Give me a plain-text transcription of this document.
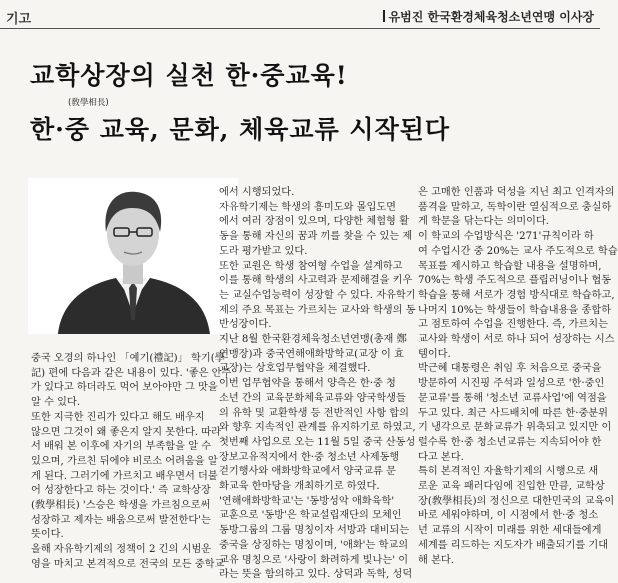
기고	유범진 한국환경체육청소년연맹 이사장
교학상장의 실천 한·중교육!
(敎學相長)
한·중 교육, 문화, 체육교류 시작된다

중국 오경의 하나인 「예기(禮記)」 학기(學

記) 편에 다음과 같은 내용이 있다. '좋은 안주

가 있다고 하더라도 먹어 보아야만 그 맛을

알 수 있다.

또한 지극한 진리가 있다고 해도 배우지

않으면 그것이 왜 좋은지 알지 못한다. 따라

서 배워 본 이후에 자기의 부족함을 알 수

있으며, 가르친 뒤에야 비로소 어려움을 알

게 된다. 그러기에 가르치고 배우면서 더불

어 성장한다고 하는 것이다.' 즉 교학상장

(敎學相長) '스승은 학생을 가르침으로써

성장하고 제자는 배움으로써 발전한다'는

뜻이다.

올해 자유학기제의 정책이 2 긴의 시범운

영을 마치고 본격적으로 전국의 모든 중학교

에서 시행되었다.

자유학기제는 학생의 흥미도와 몰입도면

에서 여러 장점이 있으며, 다양한 체험형 활

동을 통해 자신의 꿈과 끼를 찾을 수 있는 제

도라 평가받고 있다.

또한 교원은 학생 참여형 수업을 설계하고

이를 통해 학생의 사고력과 문제해결을 키우

는 교실수업능력이 성장할 수 있다. 자유학기

제의 주요 목표는 가르치는 교사와 학생의 동

반성장이다.

지난 8월 한국환경체육청소년연맹(총재 鄭

연맹장)과 중국연해애화방학교(교장 이 효

교장)는 상호업무협약을 체결했다.

이번 업무협약을 통해서 양측은 한·중 청

소년 간의 교육문화체육교류와 양국학생들

의 유학 및 교환학생 등 전반적인 사항 합의

와 향후 지속적인 관계를 유지하기로 하였고,

첫번째 사업으로 오는 11월 5일 중국 산동성

장보고유적지에서 한·중 청소년 사제동행

걷기행사와 애화방학교에서 양국교류 문

화교육 한마당을 개최하기로 하였다.

'연해애화방학교'는 '동방성악 애화육학'

교훈으로 '동방'은 학교설립재단의 모체인

동방그룹의 그룹 명칭이자 서방과 대비되는

중국을 상징하는 명칭이며, '애화'는 학교의

교유 명칭으로 '사랑이 화려하게 빛나는' 이

라는 뜻을 함의하고 있다. 상덕과 독학, 성덕

은 고매한 인품과 덕성을 지닌 최고 인격자의

품격을 말하고, 독학이란 열심적으로 충실하

게 학문을 닦는다는 의미이다.

이 학교의 수업방식은 '271'규칙이라 하

여 수업시간 중 20%는 교사 주도적으로 학습

목표를 제시하고 학습할 내용을 설명하며,

70%는 학생 주도적으로 플립러닝이나 협동

학습을 통해 서로가 경험 방식대로 학습하고,

나머지 10%는 학생들이 학습내용을 종합하

고 점토하여 수업을 진행한다. 즉, 가르치는

교사와 학생이 서로 하나 되어 성장하는 시스

템이다.

박근혜 대통령은 취임 후 처음으로 중국을

방문하여 시진핑 주석과 일성으로 '한·중인

문교류'를 통해 '청소년 교류사업'에 역점을

두고 있다. 최근 사드배치에 따른 한·중분위

기 냉각으로 문화교류가 위축되고 있지만 이

럴수록 한·중 청소년교류는 지속되어야 한

다고 본다.

특히 본격적인 자율학기제의 시행으로 새

로운 교육 패러다임에 진입한 만큼, 교학상

장(敎學相長)의 정신으로 대한민국의 교육이

바로 세워야하며, 이 시점에서 한·중 청소

년 교류의 시작이 미래를 위한 세대들에게

세계를 리드하는 지도자가 배출되기를 기대

해 본다.
